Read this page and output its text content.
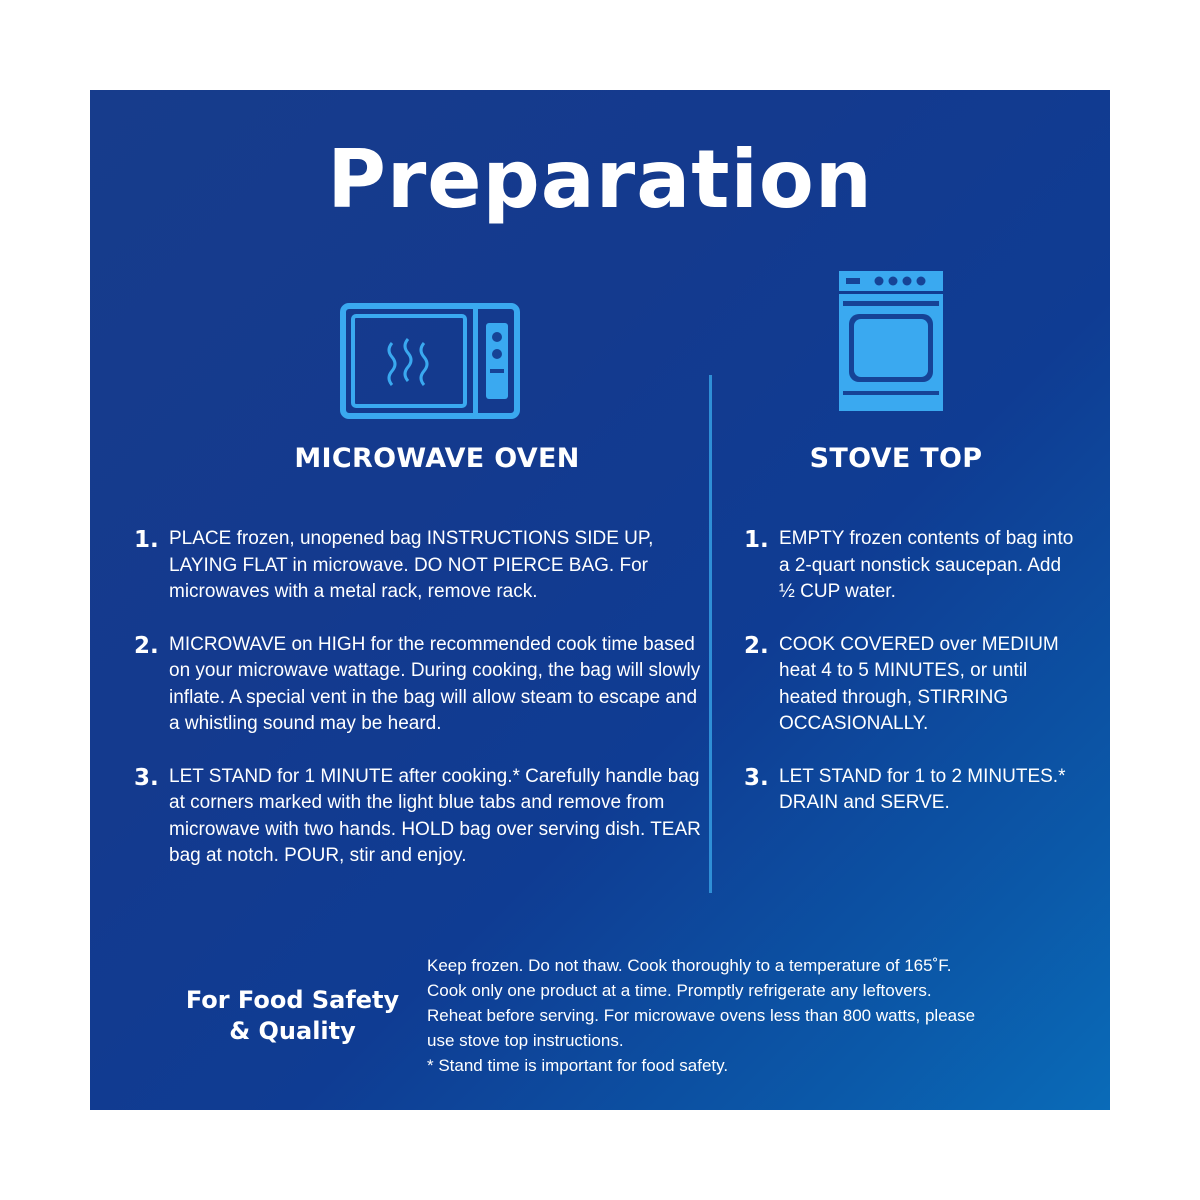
Preparation
MICROWAVE OVEN	STOVE TOP
1. PLACE frozen, unopened bag INSTRUCTIONS SIDE UP, LAYING FLAT in microwave. DO NOT PIERCE BAG. For microwaves with a metal rack, remove rack.
2. MICROWAVE on HIGH for the recommended cook time based on your microwave wattage. During cooking, the bag will slowly inflate. A special vent in the bag will allow steam to escape and a whistling sound may be heard.
3. LET STAND for 1 MINUTE after cooking.* Carefully handle bag at corners marked with the light blue tabs and remove from microwave with two hands. HOLD bag over serving dish. TEAR bag at notch. POUR, stir and enjoy.
1. EMPTY frozen contents of bag into a 2-quart nonstick saucepan. Add ½ CUP water.
2. COOK COVERED over MEDIUM heat 4 to 5 MINUTES, or until heated through, STIRRING OCCASIONALLY.
3. LET STAND for 1 to 2 MINUTES.* DRAIN and SERVE.
For Food Safety
& Quality

Keep frozen. Do not thaw. Cook thoroughly to a temperature of 165˚F.

Cook only one product at a time. Promptly refrigerate any leftovers.

Reheat before serving. For microwave ovens less than 800 watts, please

use stove top instructions.

* Stand time is important for food safety.
